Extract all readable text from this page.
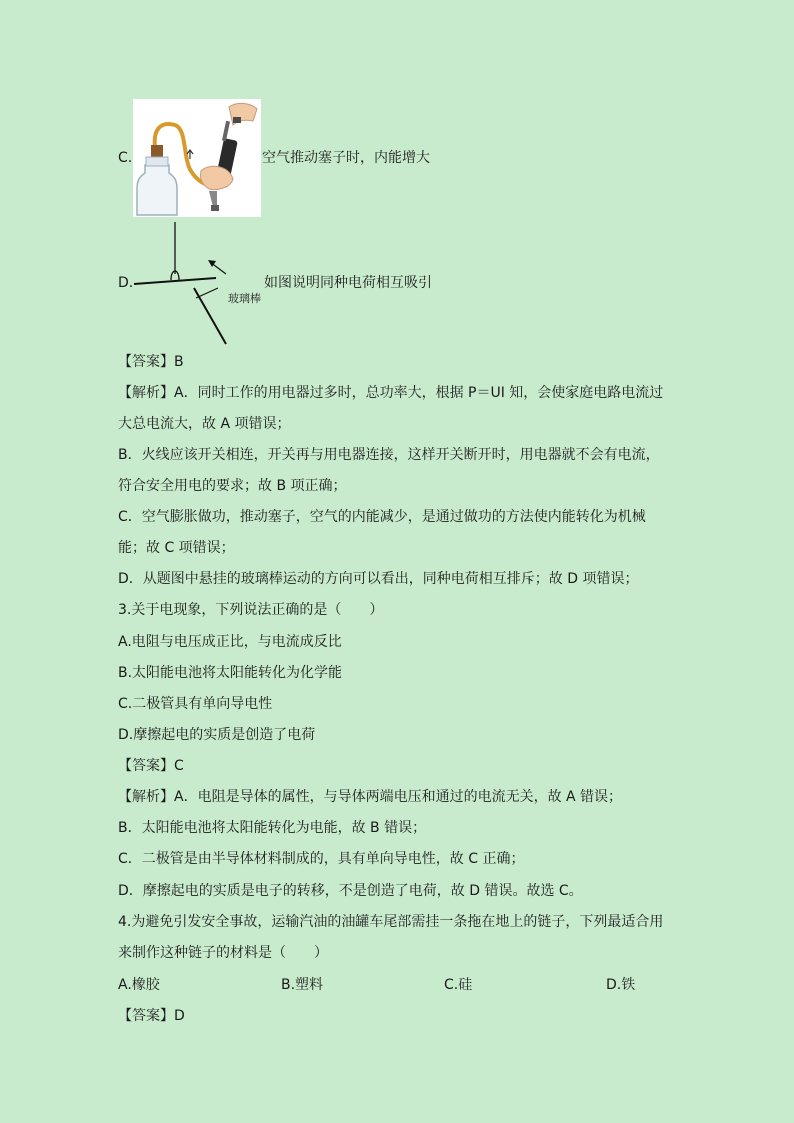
C.	空气推动塞子时，内能增大
D.
玻璃棒
如图说明同种电荷相互吸引
【答案】B
【解析】A．同时工作的用电器过多时，总功率大，根据 P＝UI 知，会使家庭电路电流过
大总电流大，故 A 项错误；
B．火线应该开关相连，开关再与用电器连接，这样开关断开时，用电器就不会有电流，
符合安全用电的要求；故 B 项正确；
C．空气膨胀做功，推动塞子，空气的内能减少，是通过做功的方法使内能转化为机械
能；故 C 项错误；
D．从题图中悬挂的玻璃棒运动的方向可以看出，同种电荷相互排斥；故 D 项错误；
3.关于电现象，下列说法正确的是（　　）
A.电阻与电压成正比，与电流成反比
B.太阳能电池将太阳能转化为化学能
C.二极管具有单向导电性
D.摩擦起电的实质是创造了电荷
【答案】C
【解析】A．电阻是导体的属性，与导体两端电压和通过的电流无关，故 A 错误；
B．太阳能电池将太阳能转化为电能，故 B 错误；
C．二极管是由半导体材料制成的，具有单向导电性，故 C 正确；
D．摩擦起电的实质是电子的转移，不是创造了电荷，故 D 错误。故选 C。
4.为避免引发安全事故，运输汽油的油罐车尾部需挂一条拖在地上的链子，下列最适合用
来制作这种链子的材料是（　　）
A.橡胶	B.塑料	C.硅	D.铁
【答案】D
